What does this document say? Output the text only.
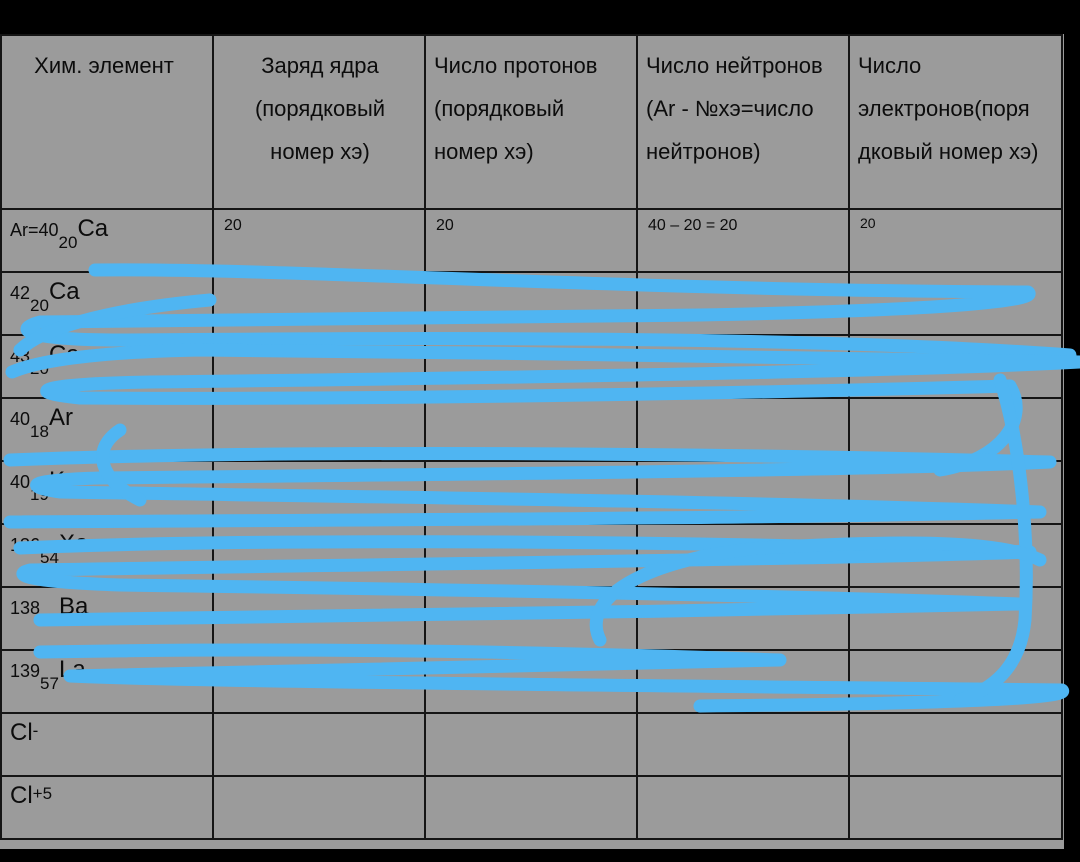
Хим. элемент	Заряд ядра
(порядковый
номер хэ)	Число протонов
(порядковый
номер хэ)	Число нейтронов
(Ar - №хэ=число
нейтронов)	Число
электронов(поря
дковый номер хэ)

Ar=4020Ca	20	20	40 – 20 = 20	20

4220Ca				

4320Ca				

4018Ar				

4019K				

13654Xe				

13856Ba				

13957La				

Cl-				

Cl+5				
